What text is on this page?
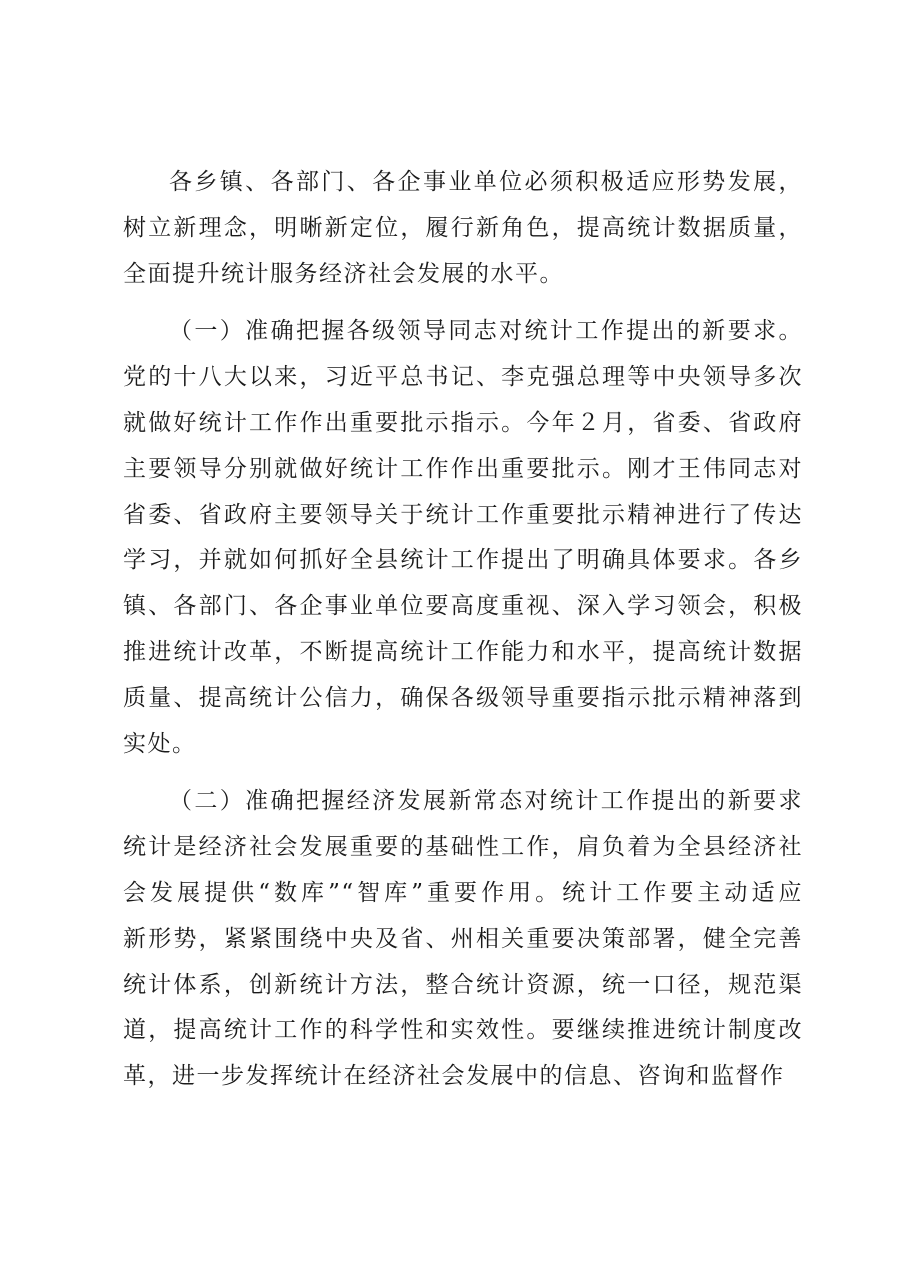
各乡镇、各部门、各企事业单位必须积极适应形势发展，
树立新理念，明晰新定位，履行新角色，提高统计数据质量，
全面提升统计服务经济社会发展的水平。
（一）准确把握各级领导同志对统计工作提出的新要求。
党的十八大以来，习近平总书记、李克强总理等中央领导多次
就做好统计工作作出重要批示指示。今年２月，省委、省政府
主要领导分别就做好统计工作作出重要批示。刚才王伟同志对
省委、省政府主要领导关于统计工作重要批示精神进行了传达
学习，并就如何抓好全县统计工作提出了明确具体要求。各乡
镇、各部门、各企事业单位要高度重视、深入学习领会，积极
推进统计改革，不断提高统计工作能力和水平，提高统计数据
质量、提高统计公信力，确保各级领导重要指示批示精神落到
实处。
（二）准确把握经济发展新常态对统计工作提出的新要求
统计是经济社会发展重要的基础性工作，肩负着为全县经济社
会发展提供“数库”“智库”重要作用。统计工作要主动适应
新形势，紧紧围绕中央及省、州相关重要决策部署，健全完善
统计体系，创新统计方法，整合统计资源，统一口径，规范渠
道，提高统计工作的科学性和实效性。要继续推进统计制度改
革，进一步发挥统计在经济社会发展中的信息、咨询和监督作
